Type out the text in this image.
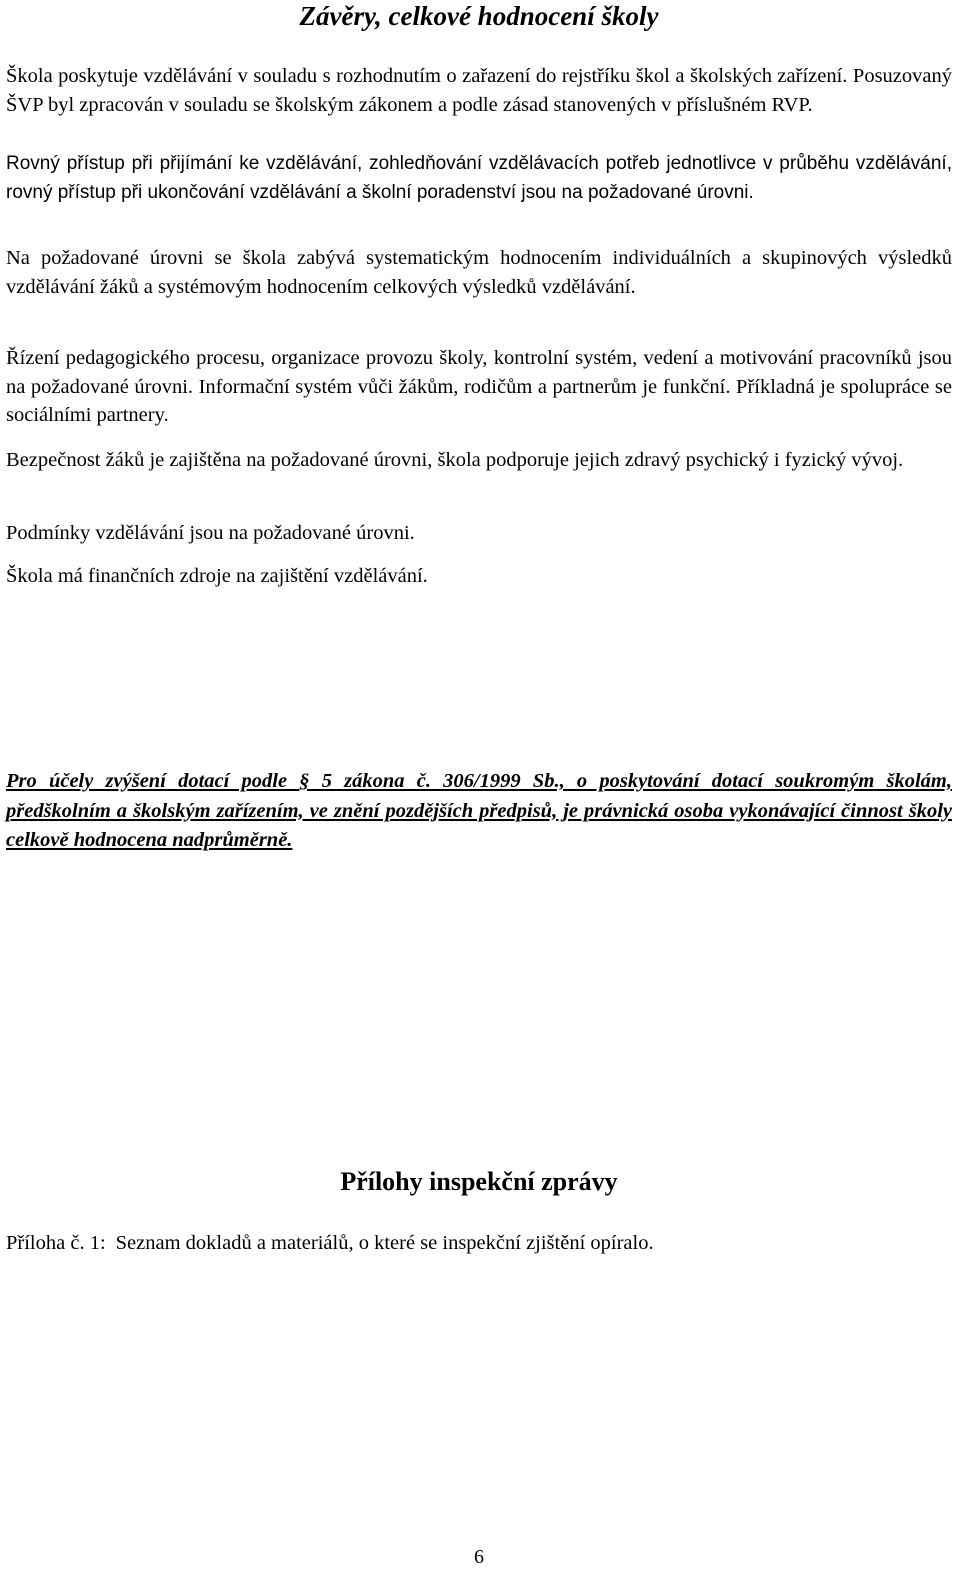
Závěry, celkové hodnocení školy

Škola poskytuje vzdělávání v souladu s rozhodnutím o zařazení do rejstříku škol a školských zařízení. Posuzovaný ŠVP byl zpracován v souladu se školským zákonem a podle zásad stanovených v příslušném RVP.

Rovný přístup při přijímání ke vzdělávání, zohledňování vzdělávacích potřeb jednotlivce v průběhu vzdělávání, rovný přístup při ukončování vzdělávání a školní poradenství jsou na požadované úrovni.

Na požadované úrovni se škola zabývá systematickým hodnocením individuálních a skupinových výsledků vzdělávání žáků a systémovým hodnocením celkových výsledků vzdělávání.

Řízení pedagogického procesu, organizace provozu školy, kontrolní systém, vedení a motivování pracovníků jsou na požadované úrovni. Informační systém vůči žákům, rodičům a partnerům je funkční. Příkladná je spolupráce se sociálními partnery.

Bezpečnost žáků je zajištěna na požadované úrovni, škola podporuje jejich zdravý psychický i fyzický vývoj.

Podmínky vzdělávání jsou na požadované úrovni.

Škola má finančních zdroje na zajištění vzdělávání.

Pro účely zvýšení dotací podle § 5 zákona č. 306/1999 Sb., o poskytování dotací soukromým školám, předškolním a školským zařízením, ve znění pozdějších předpisů, je právnická osoba vykonávající činnost školy celkově hodnocena nadprůměrně.

Přílohy inspekční zprávy

Příloha č. 1: Seznam dokladů a materiálů, o které se inspekční zjištění opíralo.

6
